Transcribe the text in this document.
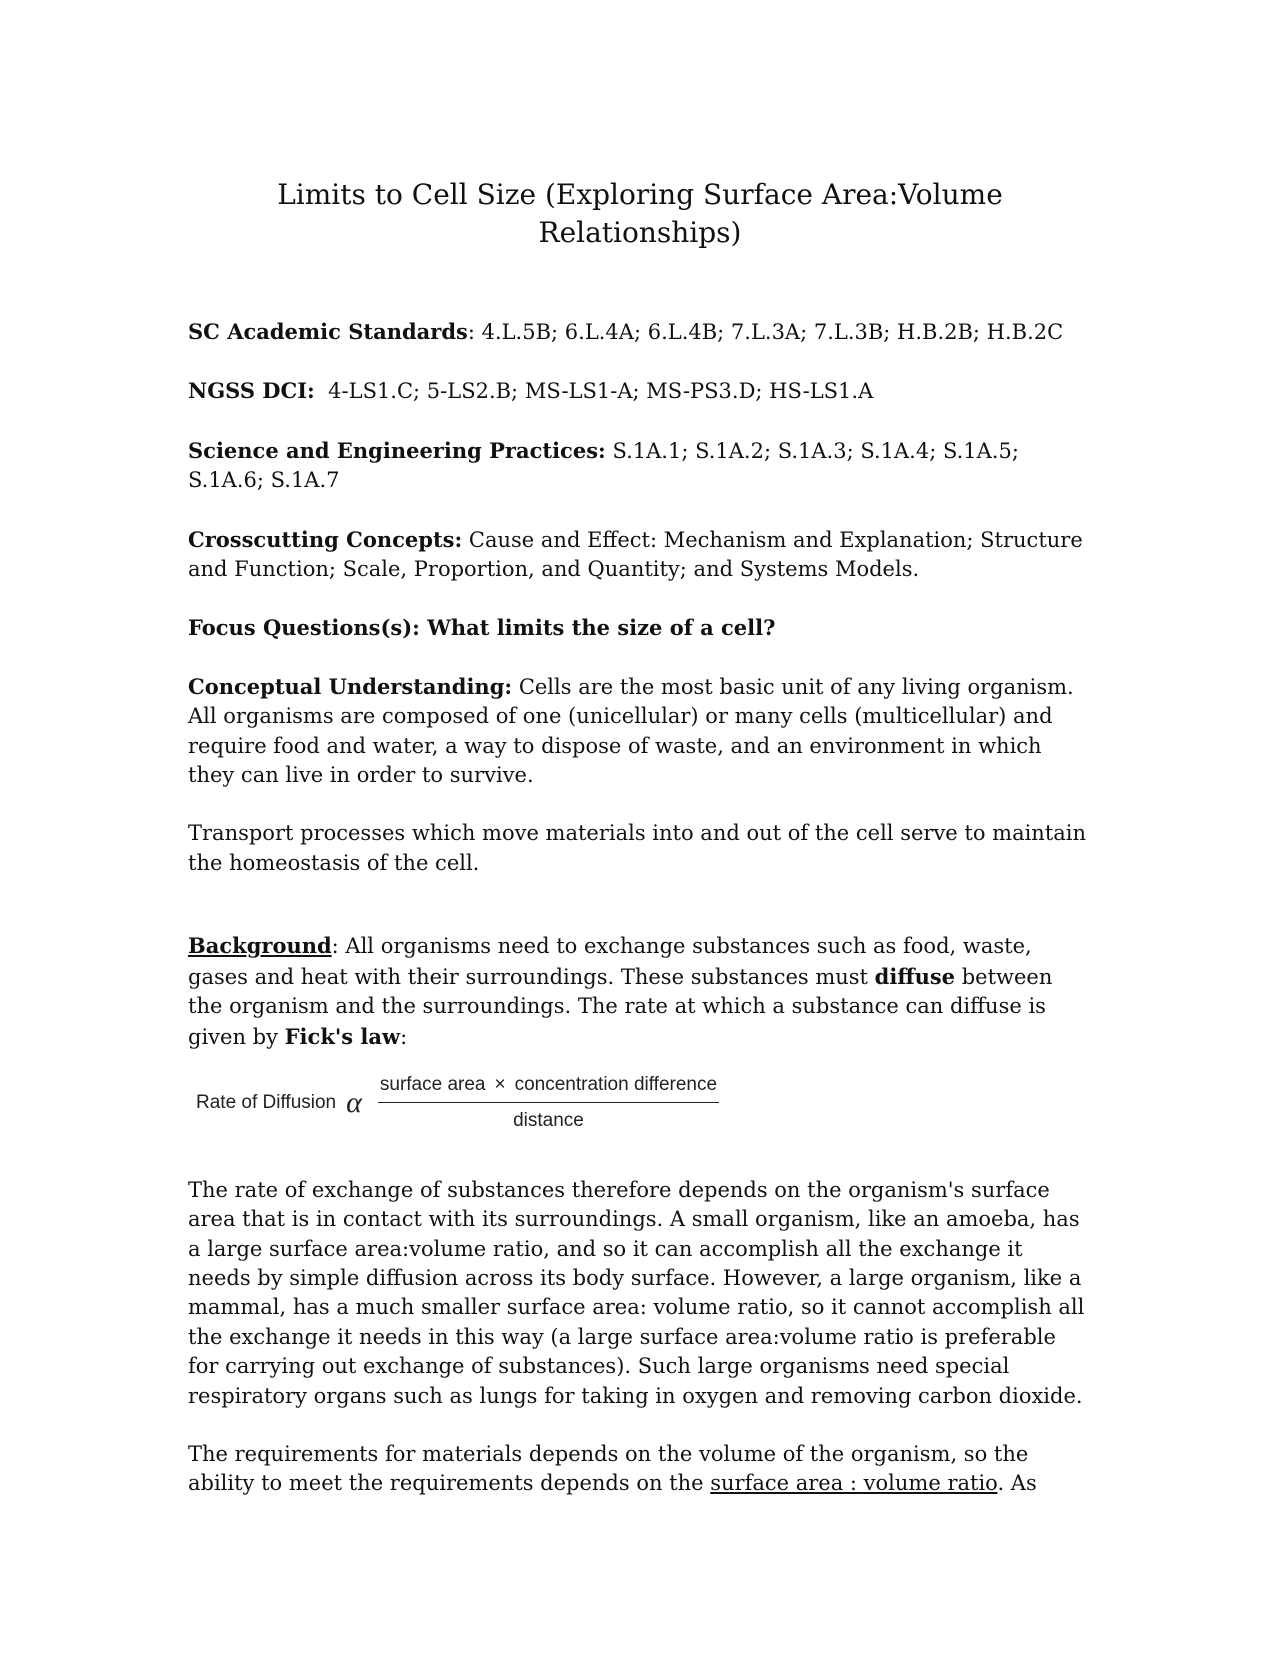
Limits to Cell Size (Exploring Surface Area:Volume Relationships)

SC Academic Standards: 4.L.5B; 6.L.4A; 6.L.4B; 7.L.3A; 7.L.3B; H.B.2B; H.B.2C

NGSS DCI:  4-LS1.C; 5-LS2.B; MS-LS1-A; MS-PS3.D; HS-LS1.A

Science and Engineering Practices: S.1A.1; S.1A.2; S.1A.3; S.1A.4; S.1A.5; S.1A.6; S.1A.7

Crosscutting Concepts: Cause and Effect: Mechanism and Explanation; Structure and Function; Scale, Proportion, and Quantity; and Systems Models.

Focus Questions(s): What limits the size of a cell?

Conceptual Understanding: Cells are the most basic unit of any living organism. All organisms are composed of one (unicellular) or many cells (multicellular) and require food and water, a way to dispose of waste, and an environment in which they can live in order to survive.

Transport processes which move materials into and out of the cell serve to maintain the homeostasis of the cell.

Background: All organisms need to exchange substances such as food, waste, gases and heat with their surroundings. These substances must diffuse between the organism and the surroundings. The rate at which a substance can diffuse is given by Fick's law:

Rate of Diffusion α $\frac{\text{surface area × concentration difference}}{\text{distance}}$

The rate of exchange of substances therefore depends on the organism's surface area that is in contact with its surroundings. A small organism, like an amoeba, has a large surface area:volume ratio, and so it can accomplish all the exchange it needs by simple diffusion across its body surface. However, a large organism, like a mammal, has a much smaller surface area: volume ratio, so it cannot accomplish all the exchange it needs in this way (a large surface area:volume ratio is preferable for carrying out exchange of substances). Such large organisms need special respiratory organs such as lungs for taking in oxygen and removing carbon dioxide.

The requirements for materials depends on the volume of the organism, so the ability to meet the requirements depends on the surface area : volume ratio. As
